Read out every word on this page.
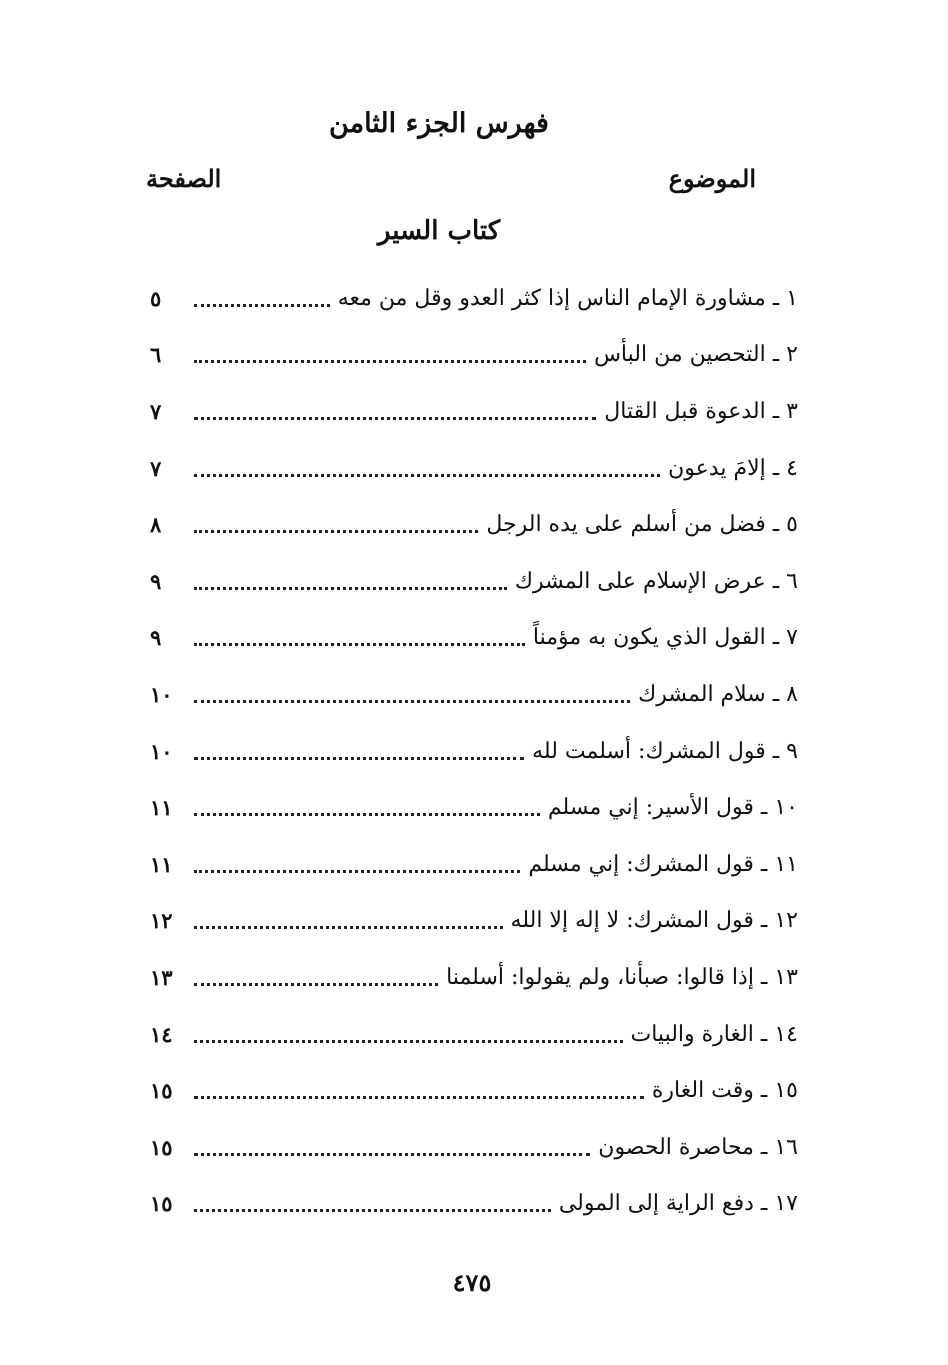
فهرس الجزء الثامن
الموضوع
الصفحة
كتاب السير
١ ـ مشاورة الإمام الناس إذا كثر العدو وقل من معه
٥
٢ ـ التحصين من البأس
٦
٣ ـ الدعوة قبل القتال
٧
٤ ـ إلامَ يدعون
٧
٥ ـ فضل من أسلم على يده الرجل
٨
٦ ـ عرض الإسلام على المشرك
٩
٧ ـ القول الذي يكون به مؤمناً
٩
٨ ـ سلام المشرك
١٠
٩ ـ قول المشرك: أسلمت لله
١٠
١٠ ـ قول الأسير: إني مسلم
١١
١١ ـ قول المشرك: إني مسلم
١١
١٢ ـ قول المشرك: لا إله إلا الله
١٢
١٣ ـ إذا قالوا: صبأنا، ولم يقولوا: أسلمنا
١٣
١٤ ـ الغارة والبيات
١٤
١٥ ـ وقت الغارة
١٥
١٦ ـ محاصرة الحصون
١٥
١٧ ـ دفع الراية إلى المولى
١٥
٤٧٥
